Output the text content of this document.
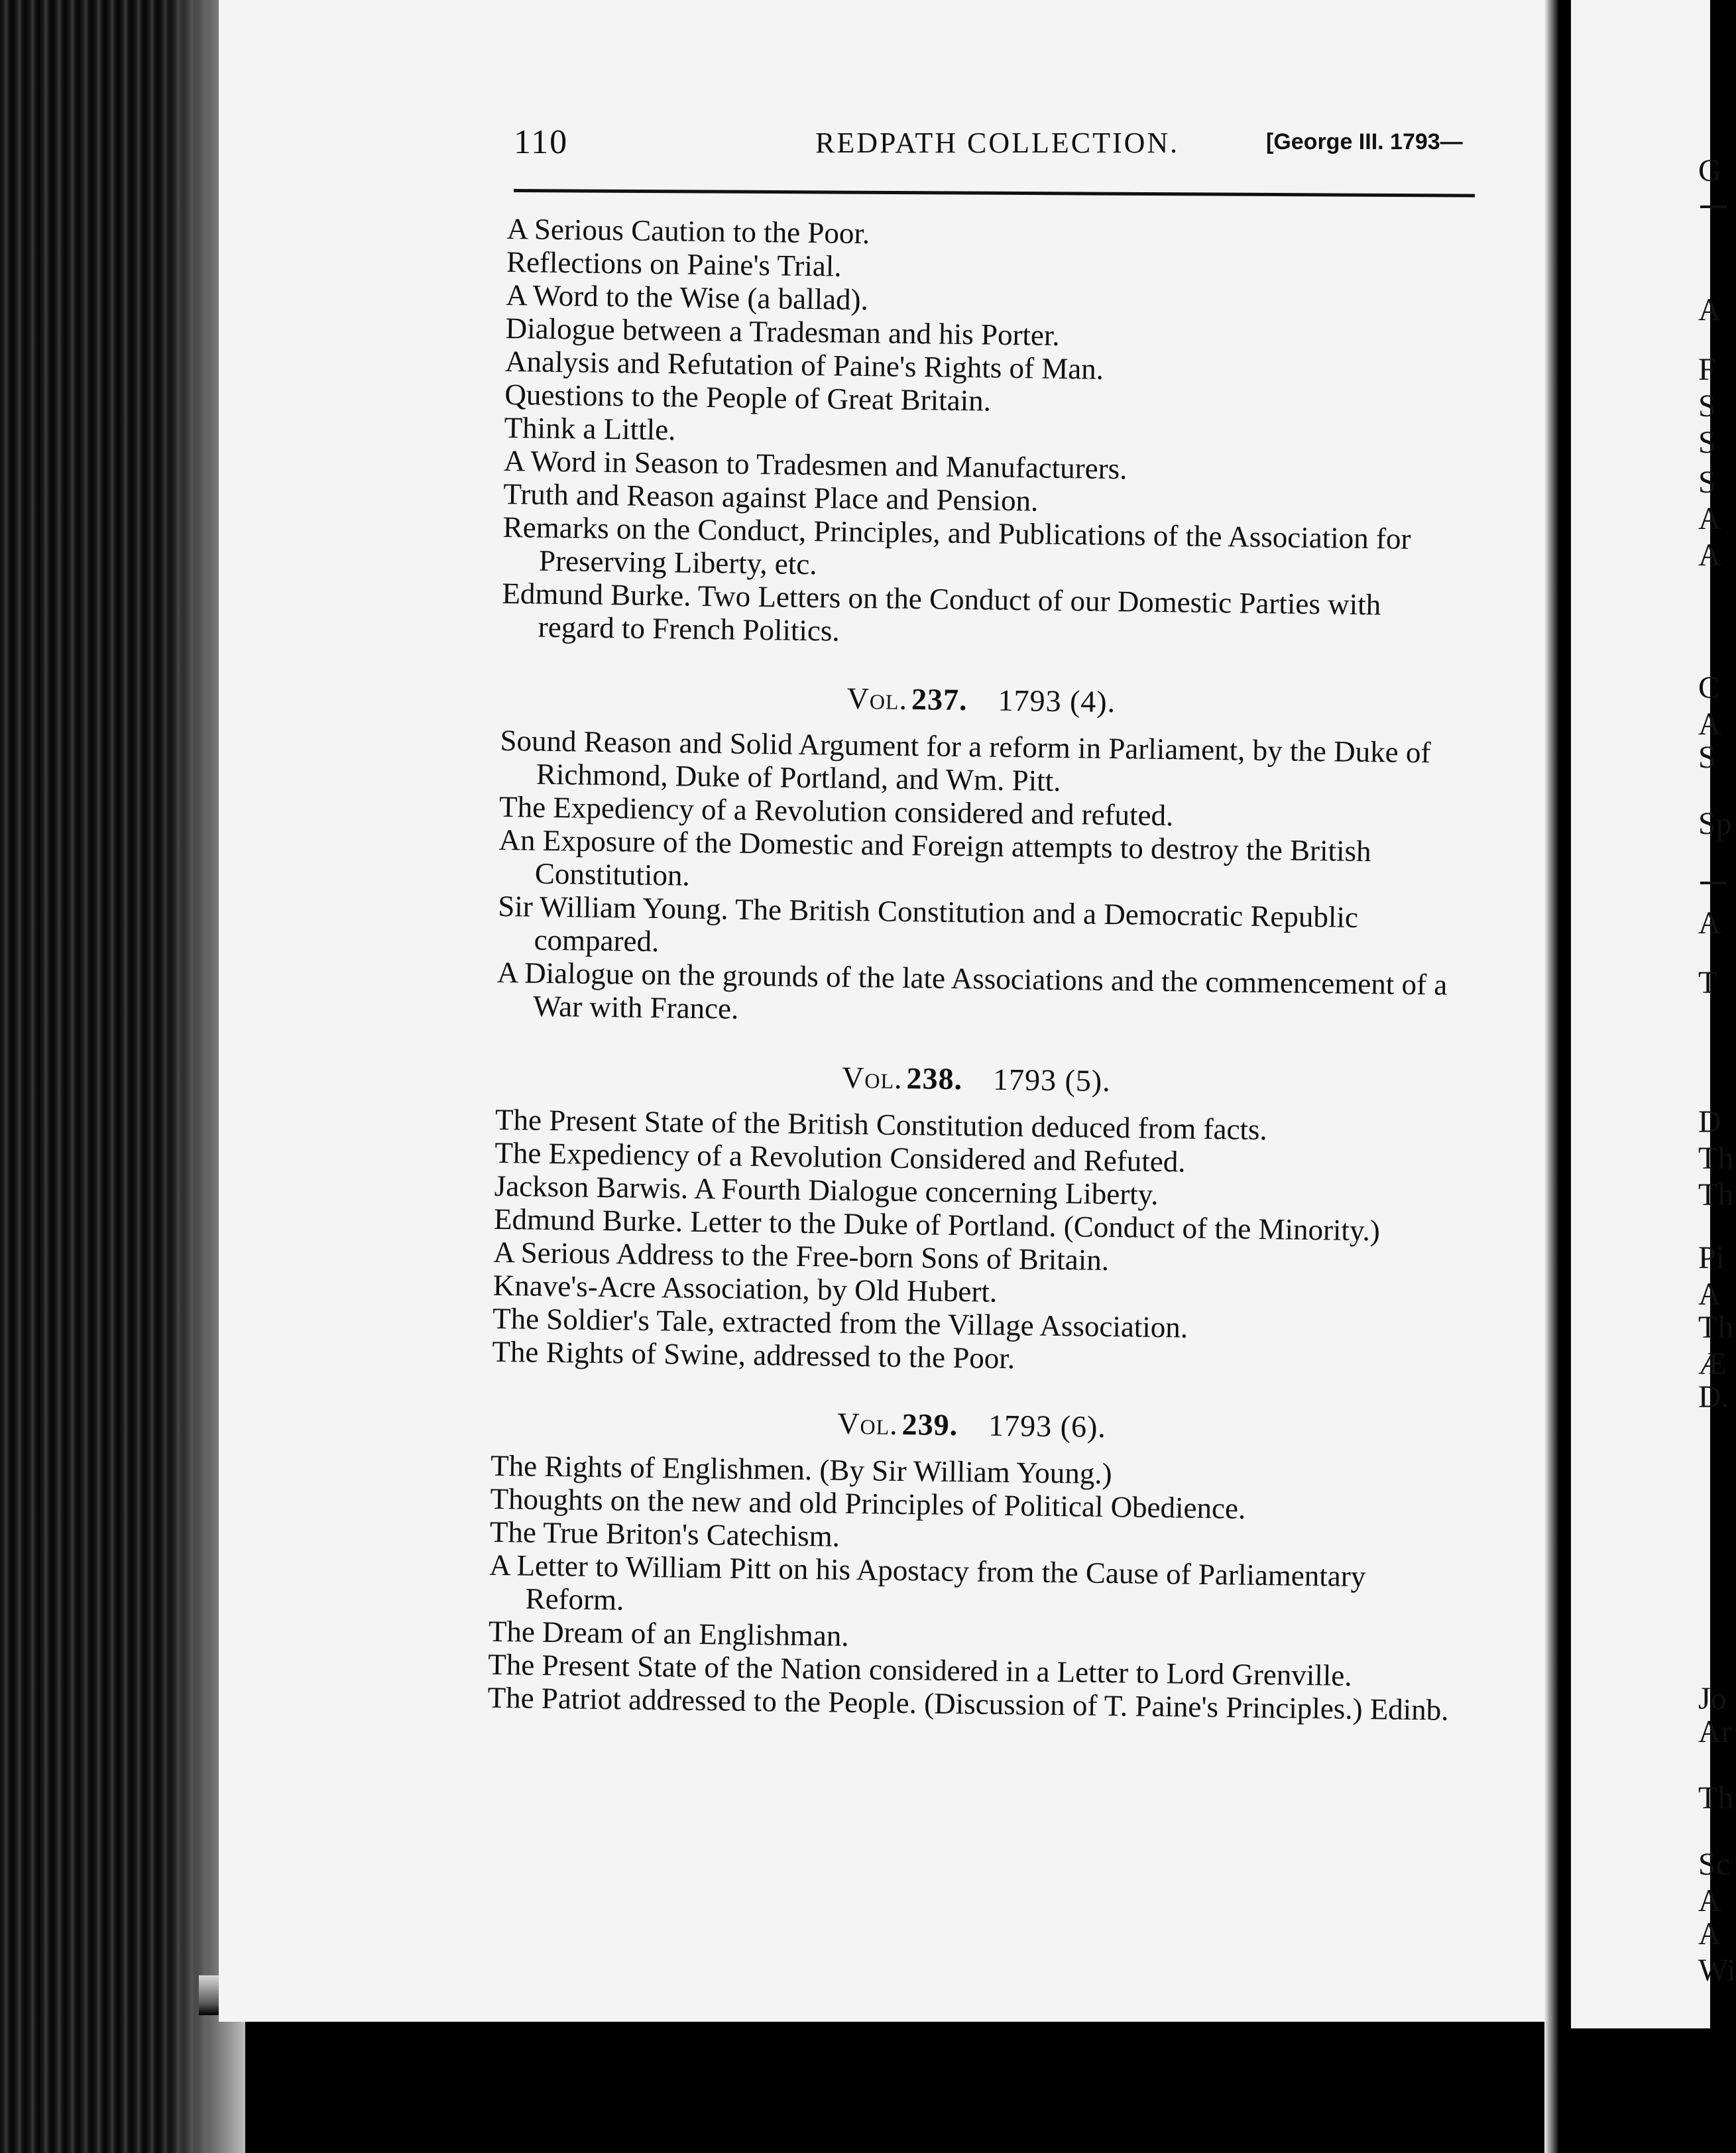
G
A
F
S
S
S
A
A
C
A
S
Sp
A
T
D
Th
Th
Pi
A
Th
Æ
D.
Jo
Ar
Th
Sc
A
A
Wi
110	REDPATH COLLECTION.	[George III. 1793—

A Serious Caution to the Poor.

Reflections on Paine's Trial.

A Word to the Wise (a ballad).

Dialogue between a Tradesman and his Porter.

Analysis and Refutation of Paine's Rights of Man.

Questions to the People of Great Britain.

Think a Little.

A Word in Season to Tradesmen and Manufacturers.

Truth and Reason against Place and Pension.

Remarks on the Conduct, Principles, and Publications of the Association for Preserving Liberty, etc.

Edmund Burke. Two Letters on the Conduct of our Domestic Parties with regard to French Politics.

Vol. 237. 1793 (4).

Sound Reason and Solid Argument for a reform in Parliament, by the Duke of Richmond, Duke of Portland, and Wm. Pitt.

The Expediency of a Revolution considered and refuted.

An Exposure of the Domestic and Foreign attempts to destroy the British Constitution.

Sir William Young. The British Constitution and a Democratic Republic compared.

A Dialogue on the grounds of the late Associations and the commencement of a War with France.

Vol. 238. 1793 (5).

The Present State of the British Constitution deduced from facts.

The Expediency of a Revolution Considered and Refuted.

Jackson Barwis. A Fourth Dialogue concerning Liberty.

Edmund Burke. Letter to the Duke of Portland. (Conduct of the Minority.)

A Serious Address to the Free-born Sons of Britain.

Knave's-Acre Association, by Old Hubert.

The Soldier's Tale, extracted from the Village Association.

The Rights of Swine, addressed to the Poor.

Vol. 239. 1793 (6).

The Rights of Englishmen. (By Sir William Young.)

Thoughts on the new and old Principles of Political Obedience.

The True Briton's Catechism.

A Letter to William Pitt on his Apostacy from the Cause of Parliamentary Reform.

The Dream of an Englishman.

The Present State of the Nation considered in a Letter to Lord Grenville.

The Patriot addressed to the People. (Discussion of T. Paine's Principles.) Edinb.
